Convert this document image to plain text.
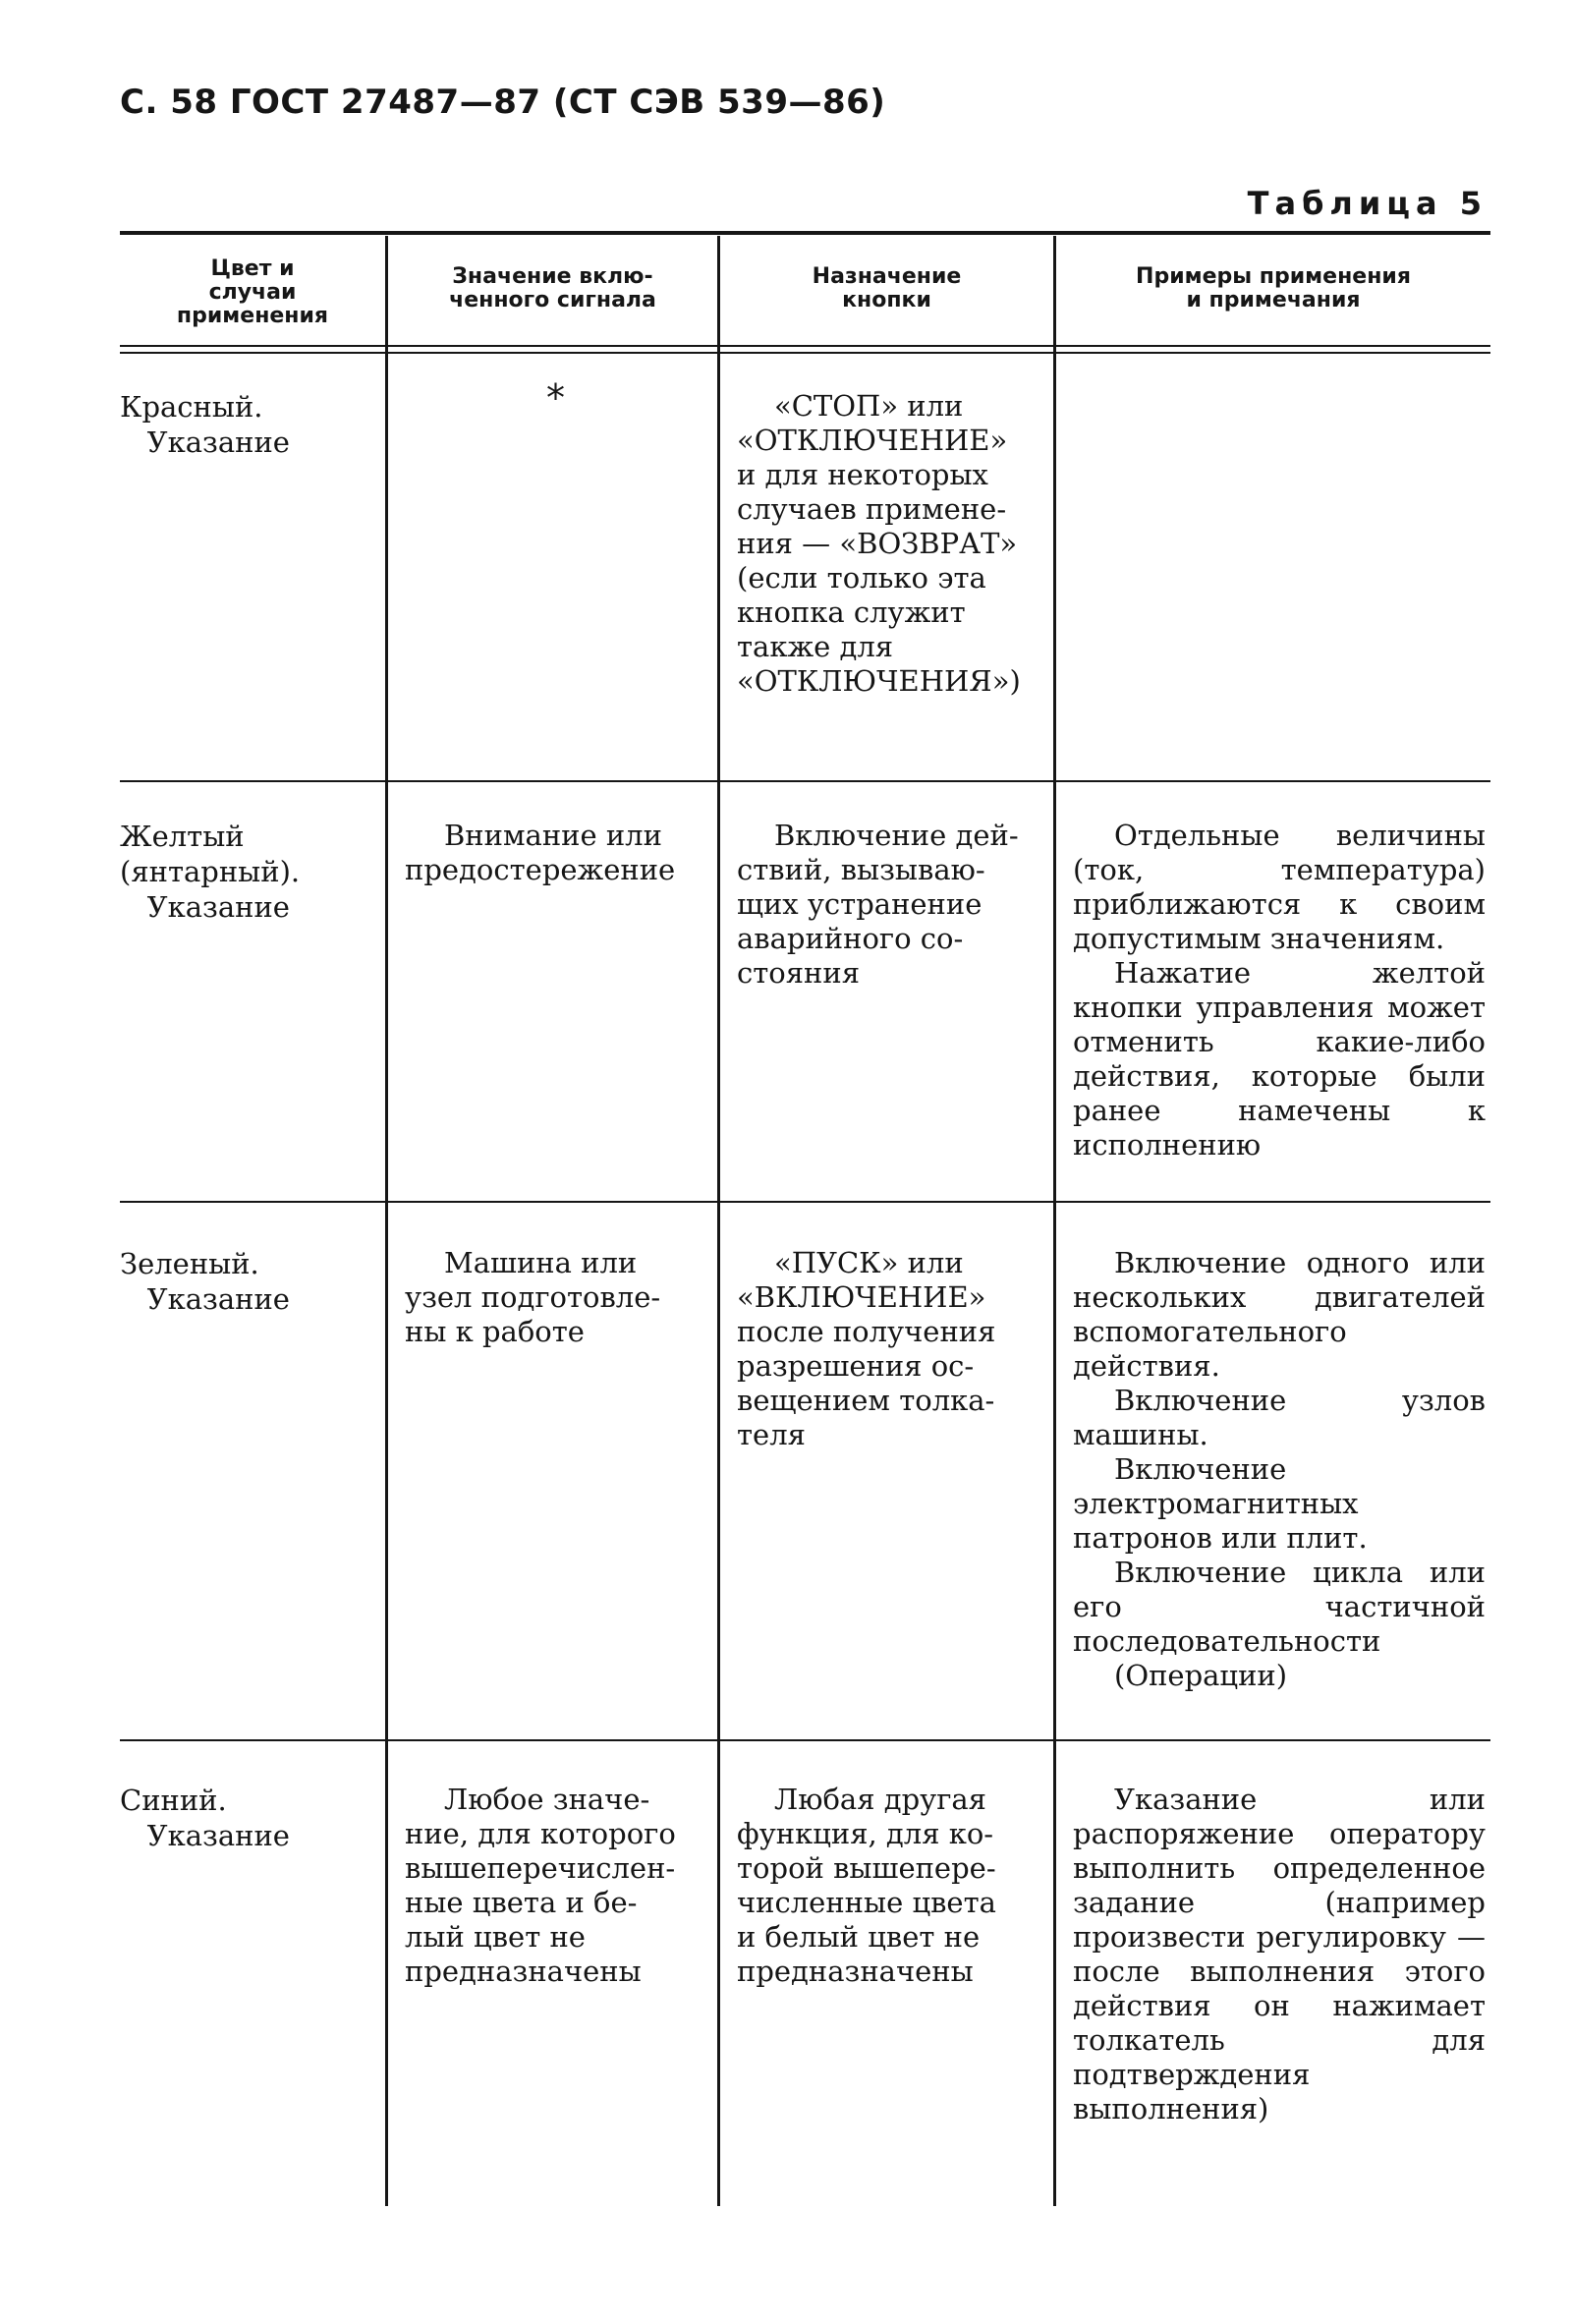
С. 58 ГОСТ 27487—87 (СТ СЭВ 539—86)
Таблица 5
Цвет и
случаи
применения
Значение вклю-
ченного сигнала
Назначение
кнопки
Примеры применения
и примечания
Красный.
Указание
*	«СТОП» или

«ОТКЛЮЧЕНИЕ»

и для некоторых

случаев примене-

ния — «ВОЗВРАТ»

(если только эта

кнопка служит

также для

«ОТКЛЮЧЕНИЯ»)

Желтый
(янтарный).
Указание

Внимание или

предостережение

Включение дей-

ствий, вызываю-

щих устранение

аварийного со-

стояния

Отдельные величины (ток, температура) приближаются к своим допустимым значениям.

Нажатие желтой кнопки управления может отменить какие-либо действия, которые были ранее намечены к исполнению

Зеленый.
Указание

Машина или

узел подготовле-

ны к работе

«ПУСК» или

«ВКЛЮЧЕНИЕ»

после получения

разрешения ос-

вещением толка-

теля

Включение одного или нескольких двигателей вспомогательного действия.

Включение узлов машины.

Включение электромагнитных патронов или плит.

Включение цикла или его частичной последовательности

(Операции)

Синий.
Указание

Любое значе-

ние, для которого

вышеперечислен-

ные цвета и бе-

лый цвет не

предназначены

Любая другая

функция, для ко-

торой вышепере-

численные цвета

и белый цвет не

предназначены

Указание или распоряжение оператору выполнить определенное задание (например произвести регулировку — после выполнения этого действия он нажимает толкатель для подтверждения выполнения)
